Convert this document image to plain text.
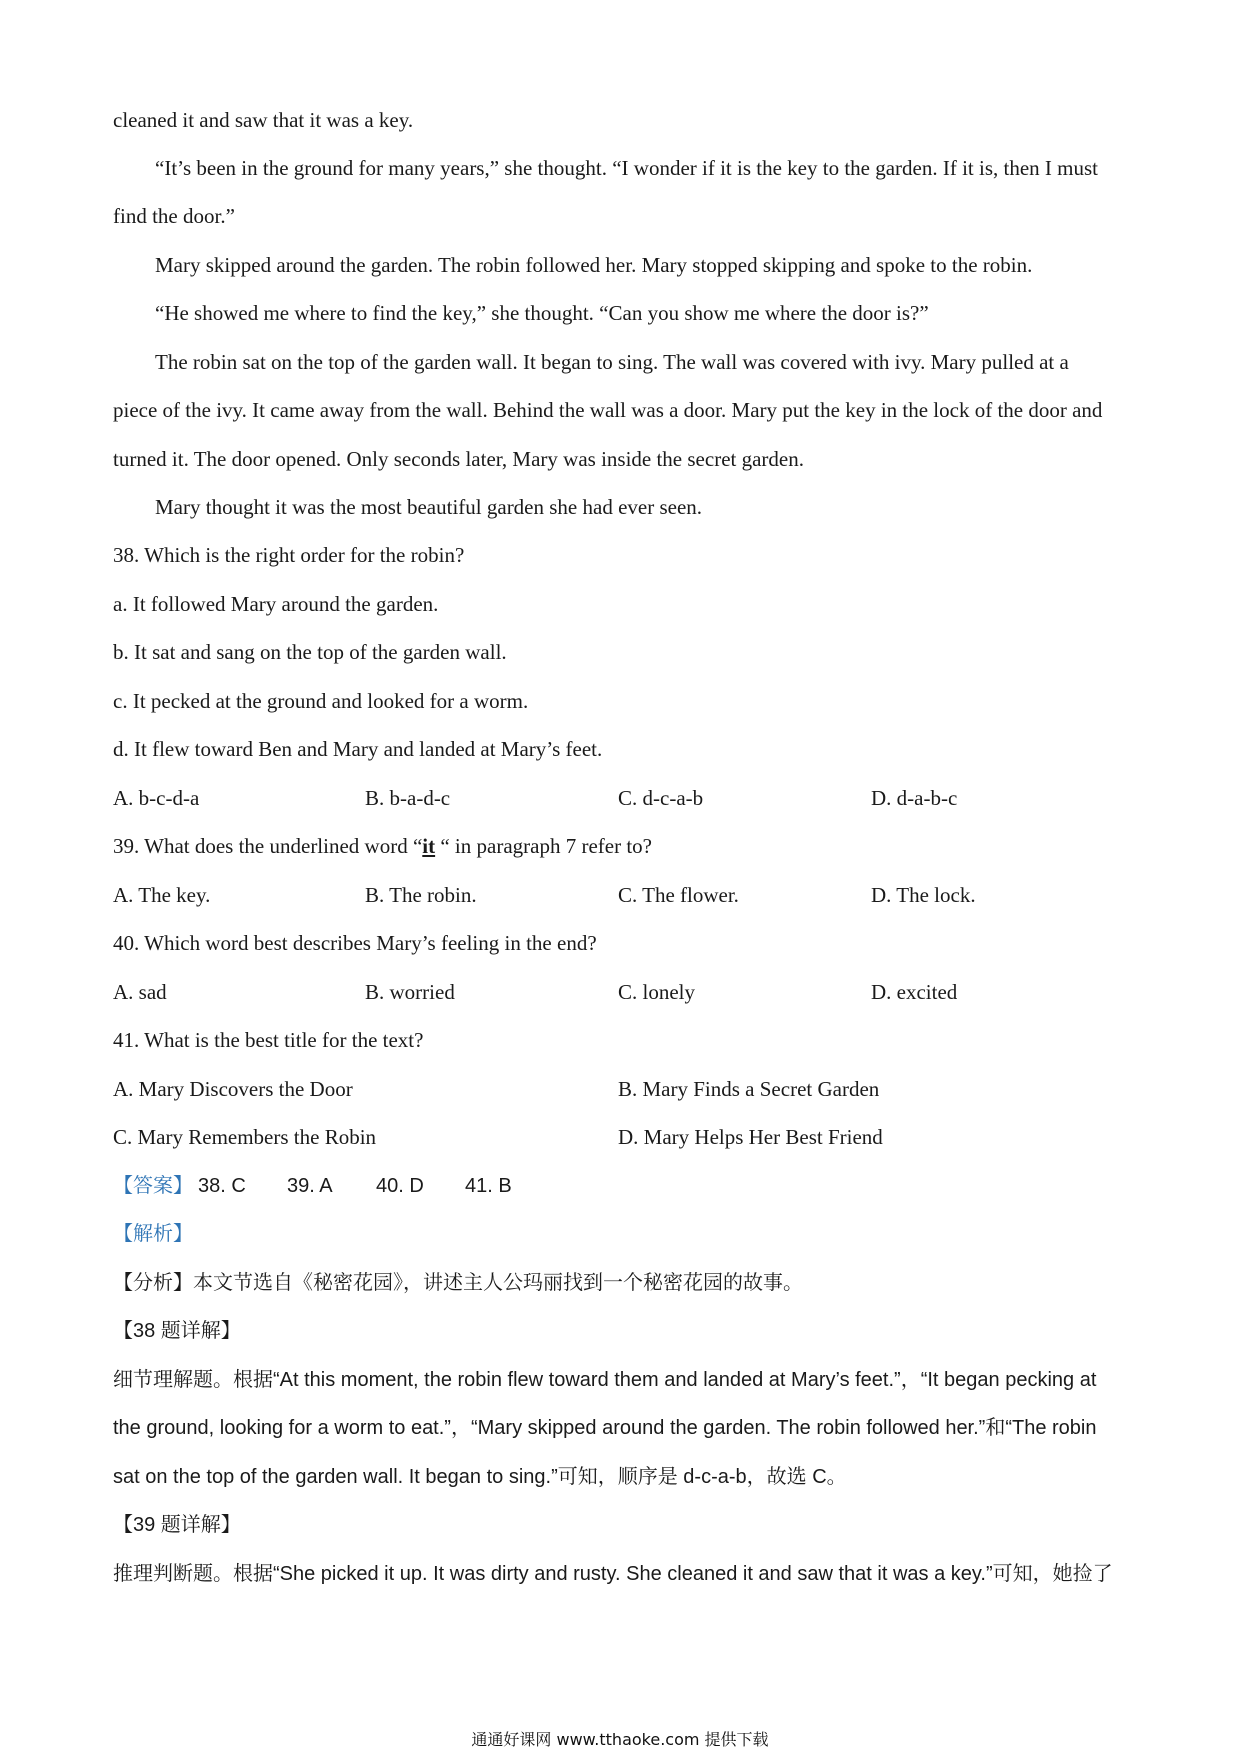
cleaned it and saw that it was a key.
“It’s been in the ground for many years,” she thought. “I wonder if it is the key to the garden. If it is, then I must
find the door.”
Mary skipped around the garden. The robin followed her. Mary stopped skipping and spoke to the robin.
“He showed me where to find the key,” she thought. “Can you show me where the door is?”
The robin sat on the top of the garden wall. It began to sing. The wall was covered with ivy. Mary pulled at a
piece of the ivy. It came away from the wall. Behind the wall was a door. Mary put the key in the lock of the door and
turned it. The door opened. Only seconds later, Mary was inside the secret garden.
Mary thought it was the most beautiful garden she had ever seen.
38. Which is the right order for the robin?
a. It followed Mary around the garden.
b. It sat and sang on the top of the garden wall.
c. It pecked at the ground and looked for a worm.
d. It flew toward Ben and Mary and landed at Mary’s feet.
A. b-c-d-a	B. b-a-d-c	C. d-c-a-b	D. d-a-b-c
39. What does the underlined word “it “ in paragraph 7 refer to?
A. The key.	B. The robin.	C. The flower.	D. The lock.
40. Which word best describes Mary’s feeling in the end?
A. sad	B. worried	C. lonely	D. excited
41. What is the best title for the text?
A. Mary Discovers the Door	B. Mary Finds a Secret Garden
C. Mary Remembers the Robin	D. Mary Helps Her Best Friend
【答案】 38. C 39. A 40. D 41. B
【解析】
【分析】本文节选自《秘密花园》，讲述主人公玛丽找到一个秘密花园的故事。
【38 题详解】
细节理解题。根据“At this moment, the robin flew toward them and landed at Mary’s feet.”，“It began pecking at
the ground, looking for a worm to eat.”，“Mary skipped around the garden. The robin followed her.”和“The robin
sat on the top of the garden wall. It began to sing.”可知，顺序是 d-c-a-b，故选 C。
【39 题详解】
推理判断题。根据“She picked it up. It was dirty and rusty. She cleaned it and saw that it was a key.”可知，她捡了
通通好课网 www.tthaoke.com 提供下载
